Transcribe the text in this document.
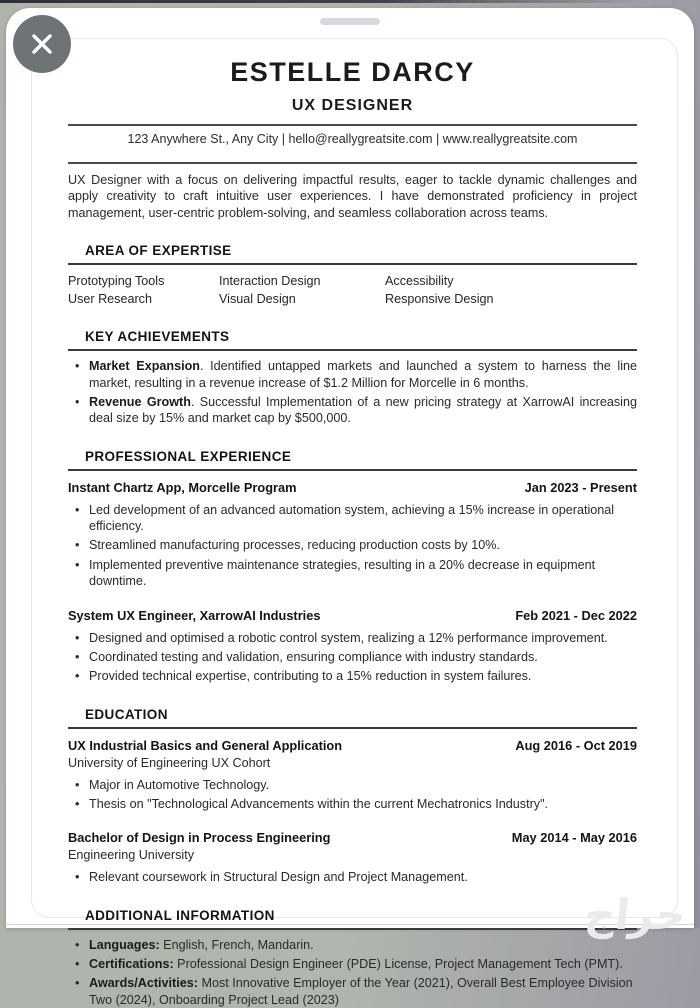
ESTELLE DARCY
UX DESIGNER
123 Anywhere St., Any City | hello@reallygreatsite.com | www.reallygreatsite.com
UX Designer with a focus on delivering impactful results, eager to tackle dynamic challenges and apply creativity to craft intuitive user experiences. I have demonstrated proficiency in project management, user-centric problem-solving, and seamless collaboration across teams.
AREA OF EXPERTISE
Prototyping Tools	Interaction Design	Accessibility
User Research	Visual Design	Responsive Design
KEY ACHIEVEMENTS
• Market Expansion. Identified untapped markets and launched a system to harness the line market, resulting in a revenue increase of $1.2 Million for Morcelle in 6 months.
• Revenue Growth. Successful Implementation of a new pricing strategy at XarrowAI increasing deal size by 15% and market cap by $500,000.
PROFESSIONAL EXPERIENCE
Instant Chartz App, Morcelle Program	Jan 2023 - Present
• Led development of an advanced automation system, achieving a 15% increase in operational efficiency.
• Streamlined manufacturing processes, reducing production costs by 10%.
• Implemented preventive maintenance strategies, resulting in a 20% decrease in equipment downtime.
System UX Engineer, XarrowAI Industries	Feb 2021 - Dec 2022
• Designed and optimised a robotic control system, realizing a 12% performance improvement.
• Coordinated testing and validation, ensuring compliance with industry standards.
• Provided technical expertise, contributing to a 15% reduction in system failures.
EDUCATION
UX Industrial Basics and General Application	Aug 2016 - Oct 2019
University of Engineering UX Cohort
• Major in Automotive Technology.
• Thesis on "Technological Advancements within the current Mechatronics Industry".
Bachelor of Design in Process Engineering	May 2014 - May 2016
Engineering University
• Relevant coursework in Structural Design and Project Management.
ADDITIONAL INFORMATION
• Languages: English, French, Mandarin.
• Certifications: Professional Design Engineer (PDE) License, Project Management Tech (PMT).
• Awards/Activities: Most Innovative Employer of the Year (2021), Overall Best Employee Division Two (2024), Onboarding Project Lead (2023)
حراج
